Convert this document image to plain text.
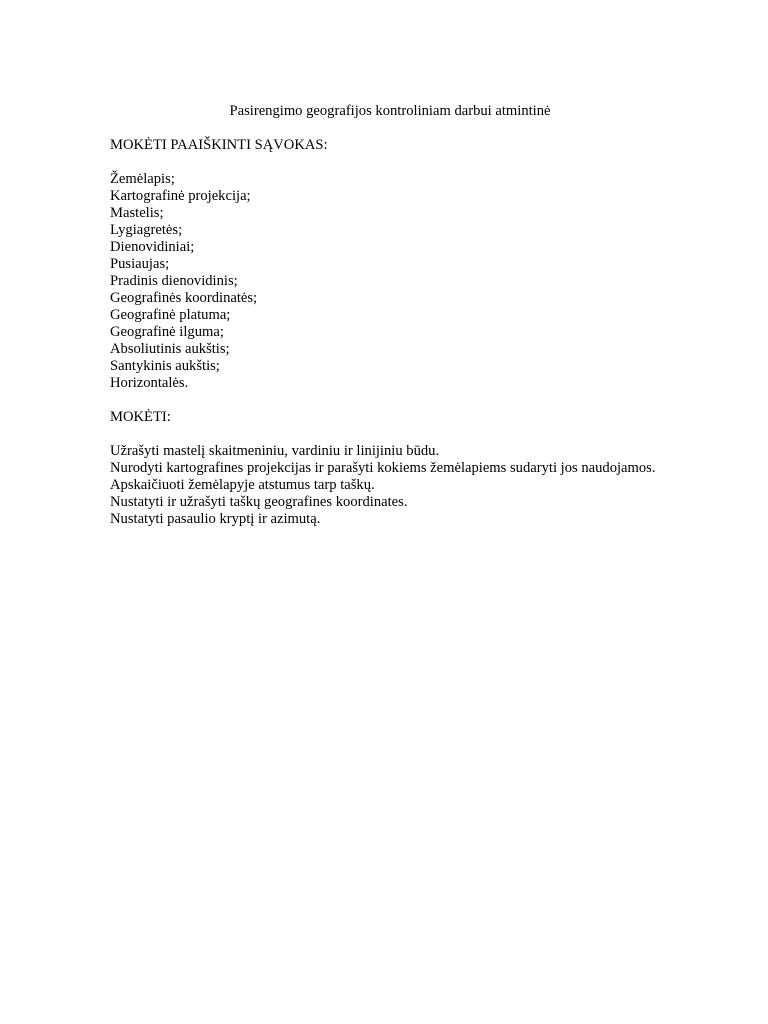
Pasirengimo geografijos kontroliniam darbui atmintinė
MOKĖTI PAAIŠKINTI SĄVOKAS:
Žemėlapis;
Kartografinė projekcija;
Mastelis;
Lygiagretės;
Dienovidiniai;
Pusiaujas;
Pradinis dienovidinis;
Geografinės koordinatės;
Geografinė platuma;
Geografinė ilguma;
Absoliutinis aukštis;
Santykinis aukštis;
Horizontalės.
MOKĖTI:
Užrašyti mastelį skaitmeniniu, vardiniu ir linijiniu būdu.
Nurodyti kartografines projekcijas ir parašyti kokiems žemėlapiems sudaryti jos naudojamos.
Apskaičiuoti žemėlapyje atstumus tarp taškų.
Nustatyti ir užrašyti taškų geografines koordinates.
Nustatyti pasaulio kryptį ir azimutą.
